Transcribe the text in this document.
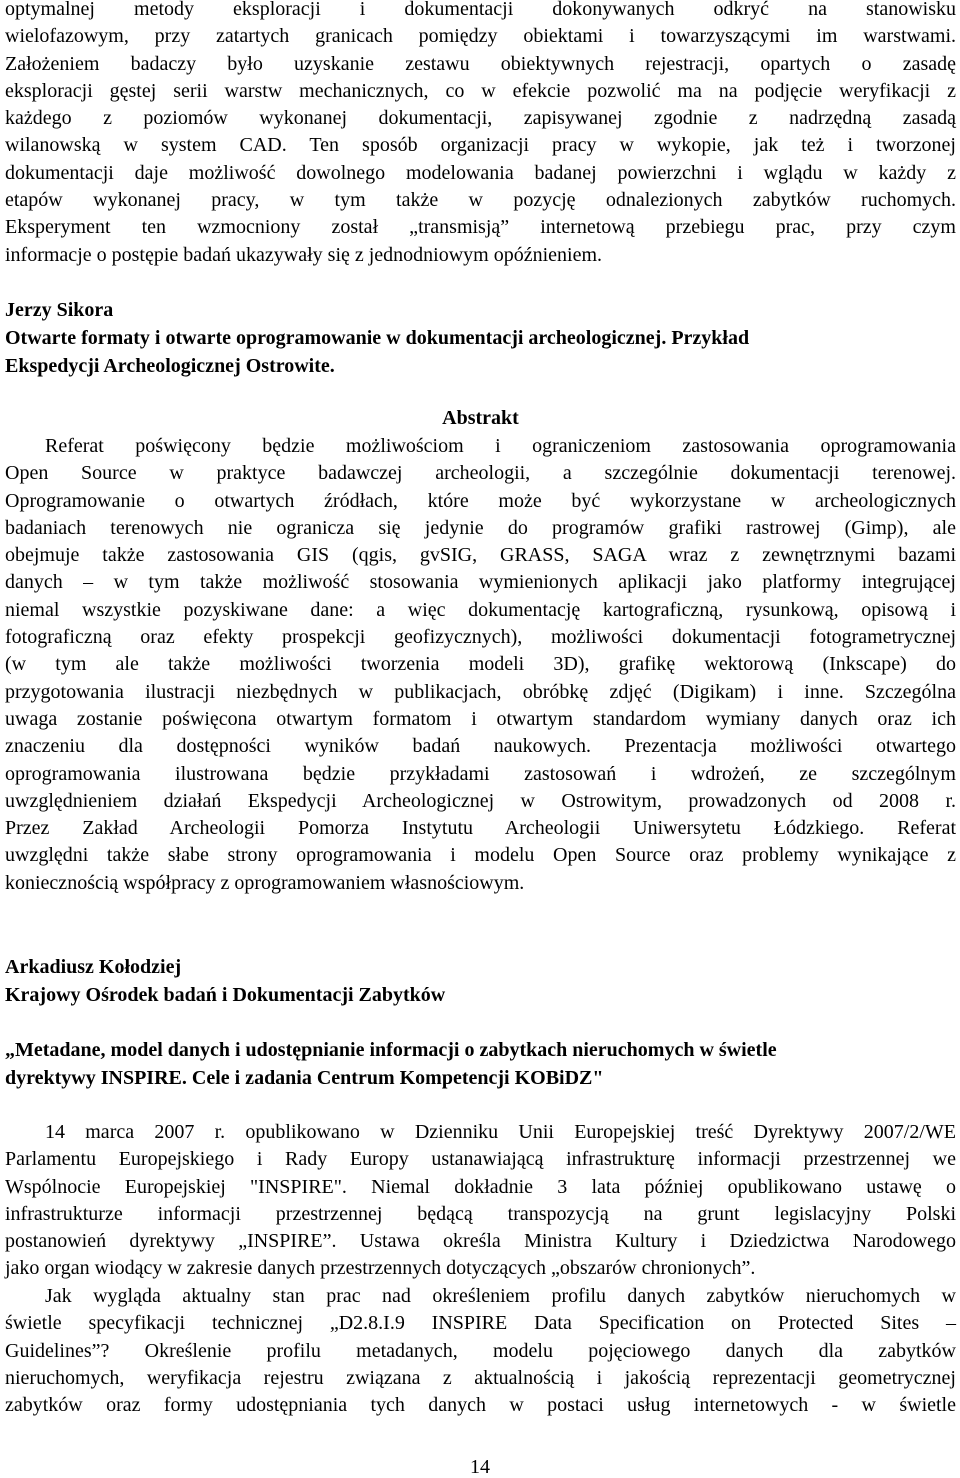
optymalnej metody eksploracji i dokumentacji dokonywanych odkryć na stanowisku
wielofazowym, przy zatartych granicach pomiędzy obiektami i towarzyszącymi im warstwami.
Założeniem badaczy było uzyskanie zestawu obiektywnych rejestracji, opartych o zasadę
eksploracji gęstej serii warstw mechanicznych, co w efekcie pozwolić ma na podjęcie weryfikacji z
każdego z poziomów wykonanej dokumentacji, zapisywanej zgodnie z nadrzędną zasadą
wilanowską w system CAD. Ten sposób organizacji pracy w wykopie, jak też i tworzonej
dokumentacji daje możliwość dowolnego modelowania badanej powierzchni i wglądu w każdy z
etapów wykonanej pracy, w tym także w pozycję odnalezionych zabytków ruchomych.
Eksperyment ten wzmocniony został „transmisją” internetową przebiegu prac, przy czym
informacje o postępie badań ukazywały się z jednodniowym opóźnieniem.
Jerzy Sikora
Otwarte formaty i otwarte oprogramowanie w dokumentacji archeologicznej. Przykład
Ekspedycji Archeologicznej Ostrowite.
Abstrakt
Referat poświęcony będzie możliwościom i ograniczeniom zastosowania oprogramowania
Open Source w praktyce badawczej archeologii, a szczególnie dokumentacji terenowej.
Oprogramowanie o otwartych źródłach, które może być wykorzystane w archeologicznych
badaniach terenowych nie ogranicza się jedynie do programów grafiki rastrowej (Gimp), ale
obejmuje także zastosowania GIS (qgis, gvSIG, GRASS, SAGA wraz z zewnętrznymi bazami
danych – w tym także możliwość stosowania wymienionych aplikacji jako platformy integrującej
niemal wszystkie pozyskiwane dane: a więc dokumentację kartograficzną, rysunkową, opisową i
fotograficzną oraz efekty prospekcji geofizycznych), możliwości dokumentacji fotogrametrycznej
(w tym ale także możliwości tworzenia modeli 3D), grafikę wektorową (Inkscape) do
przygotowania ilustracji niezbędnych w publikacjach, obróbkę zdjęć (Digikam) i inne. Szczególna
uwaga zostanie poświęcona otwartym formatom i otwartym standardom wymiany danych oraz ich
znaczeniu dla dostępności wyników badań naukowych. Prezentacja możliwości otwartego
oprogramowania ilustrowana będzie przykładami zastosowań i wdrożeń, ze szczególnym
uwzględnieniem działań Ekspedycji Archeologicznej w Ostrowitym, prowadzonych od 2008 r.
Przez Zakład Archeologii Pomorza Instytutu Archeologii Uniwersytetu Łódzkiego. Referat
uwzględni także słabe strony oprogramowania i modelu Open Source oraz problemy wynikające z
koniecznością współpracy z oprogramowaniem własnościowym.
Arkadiusz Kołodziej
Krajowy Ośrodek badań i Dokumentacji Zabytków
„Metadane, model danych i udostępnianie informacji o zabytkach nieruchomych w świetle
dyrektywy INSPIRE. Cele i zadania Centrum Kompetencji KOBiDZ"
14 marca 2007 r. opublikowano w Dzienniku Unii Europejskiej treść Dyrektywy 2007/2/WE
Parlamentu Europejskiego i Rady Europy ustanawiającą infrastrukturę informacji przestrzennej we
Wspólnocie Europejskiej "INSPIRE". Niemal dokładnie 3 lata później opublikowano ustawę o
infrastrukturze informacji przestrzennej będącą transpozycją na grunt legislacyjny Polski
postanowień dyrektywy „INSPIRE”. Ustawa określa Ministra Kultury i Dziedzictwa Narodowego
jako organ wiodący w zakresie danych przestrzennych dotyczących „obszarów chronionych”.
Jak wygląda aktualny stan prac nad określeniem profilu danych zabytków nieruchomych w
świetle specyfikacji technicznej „D2.8.I.9 INSPIRE Data Specification on Protected Sites –
Guidelines”? Określenie profilu metadanych, modelu pojęciowego danych dla zabytków
nieruchomych, weryfikacja rejestru związana z aktualnością i jakością reprezentacji geometrycznej
zabytków oraz formy udostępniania tych danych w postaci usług internetowych - w świetle
14
